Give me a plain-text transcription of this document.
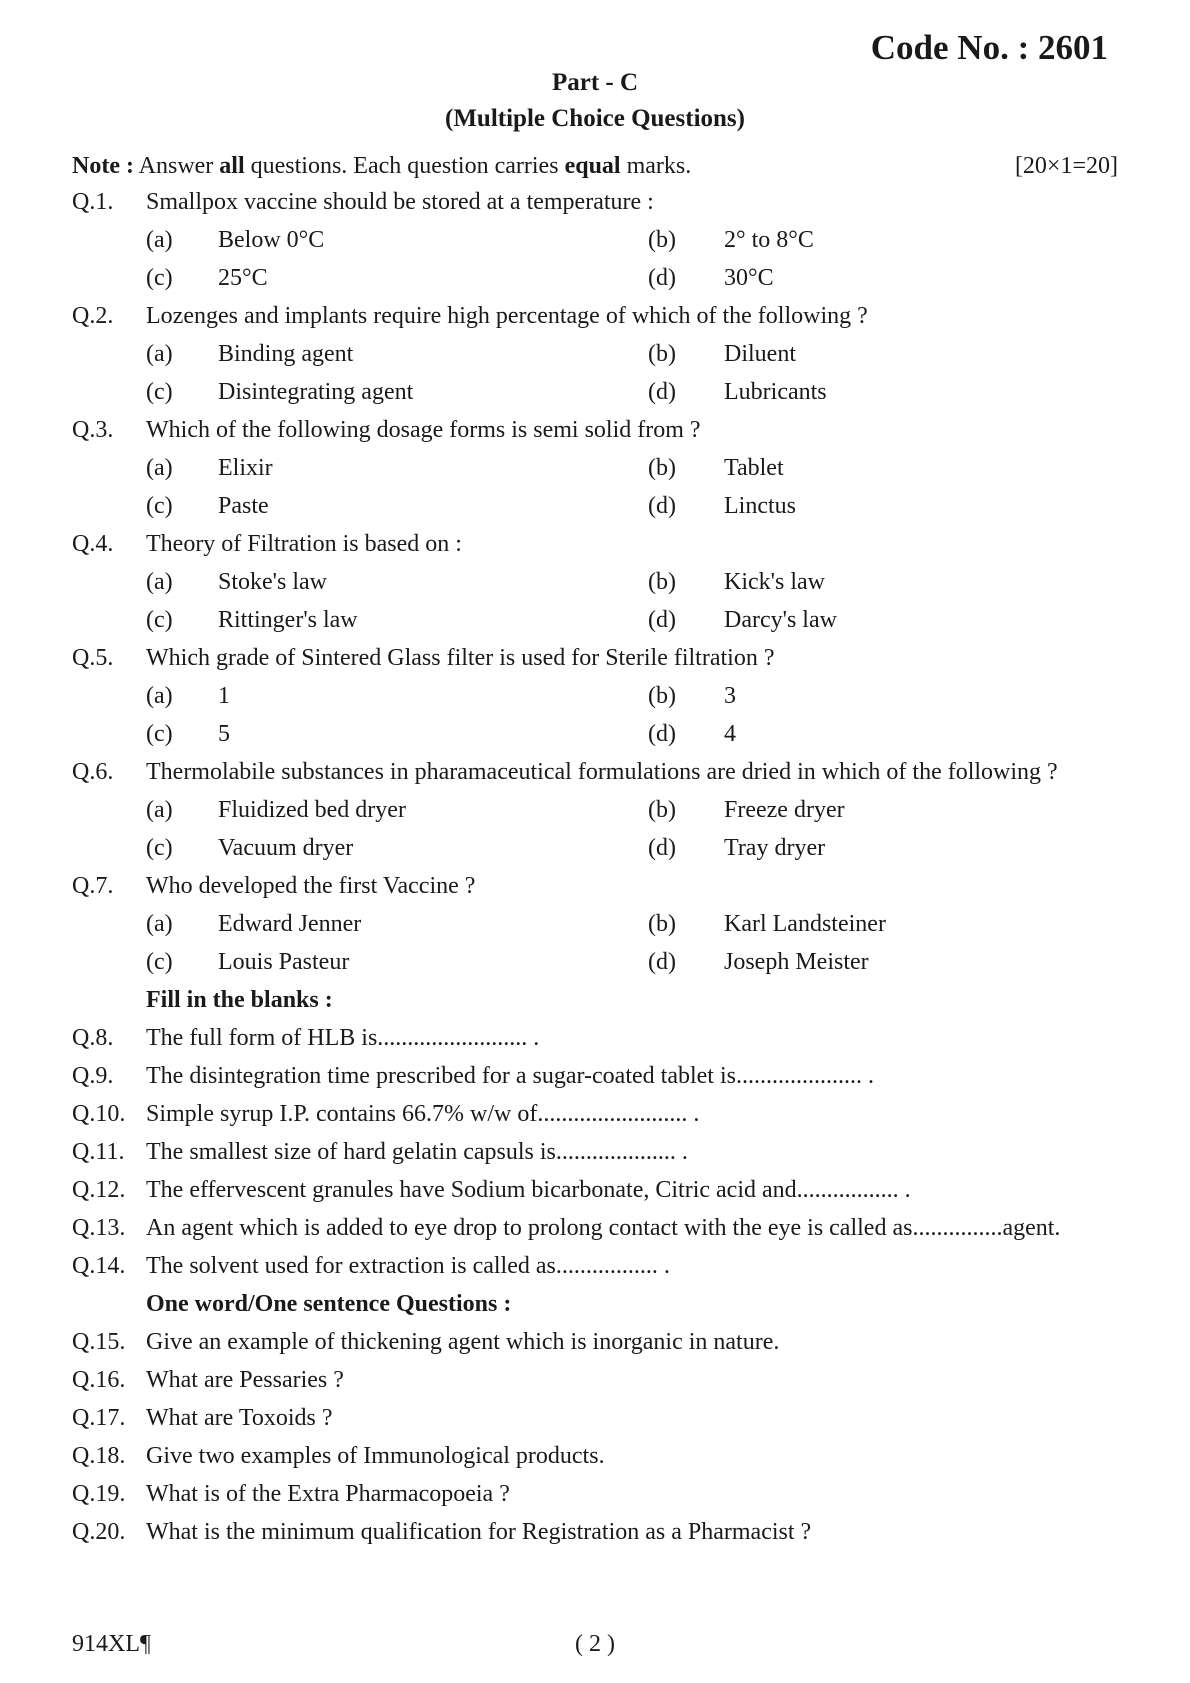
Code No. : 2601
Part - C
(Multiple Choice Questions)
Note : Answer all questions. Each question carries equal marks.	[20×1=20]
Q.1. Smallpox vaccine should be stored at a temperature :
(a) Below 0°C	(b) 2° to 8°C
(c) 25°C	(d) 30°C
Q.2. Lozenges and implants require high percentage of which of the following ?
(a) Binding agent	(b) Diluent
(c) Disintegrating agent	(d) Lubricants
Q.3. Which of the following dosage forms is semi solid from ?
(a) Elixir	(b) Tablet
(c) Paste	(d) Linctus
Q.4. Theory of Filtration is based on :
(a) Stoke's law	(b) Kick's law
(c) Rittinger's law	(d) Darcy's law
Q.5. Which grade of Sintered Glass filter is used for Sterile filtration ?
(a) 1	(b) 3
(c) 5	(d) 4
Q.6. Thermolabile substances in pharamaceutical formulations are dried in which of the following ?
(a) Fluidized bed dryer	(b) Freeze dryer
(c) Vacuum dryer	(d) Tray dryer
Q.7. Who developed the first Vaccine ?
(a) Edward Jenner	(b) Karl Landsteiner
(c) Louis Pasteur	(d) Joseph Meister
Fill in the blanks :
Q.8. The full form of HLB is......................... .
Q.9. The disintegration time prescribed for a sugar-coated tablet is..................... .
Q.10. Simple syrup I.P. contains 66.7% w/w of......................... .
Q.11. The smallest size of hard gelatin capsuls is.................... .
Q.12. The effervescent granules have Sodium bicarbonate, Citric acid and................. .
Q.13. An agent which is added to eye drop to prolong contact with the eye is called as...............agent.
Q.14. The solvent used for extraction is called as................. .
One word/One sentence Questions :
Q.15. Give an example of thickening agent which is inorganic in nature.
Q.16. What are Pessaries ?
Q.17. What are Toxoids ?
Q.18. Give two examples of Immunological products.
Q.19. What is of the Extra Pharmacopoeia ?
Q.20. What is the minimum qualification for Registration as a Pharmacist ?
914XL¶	( 2 )
